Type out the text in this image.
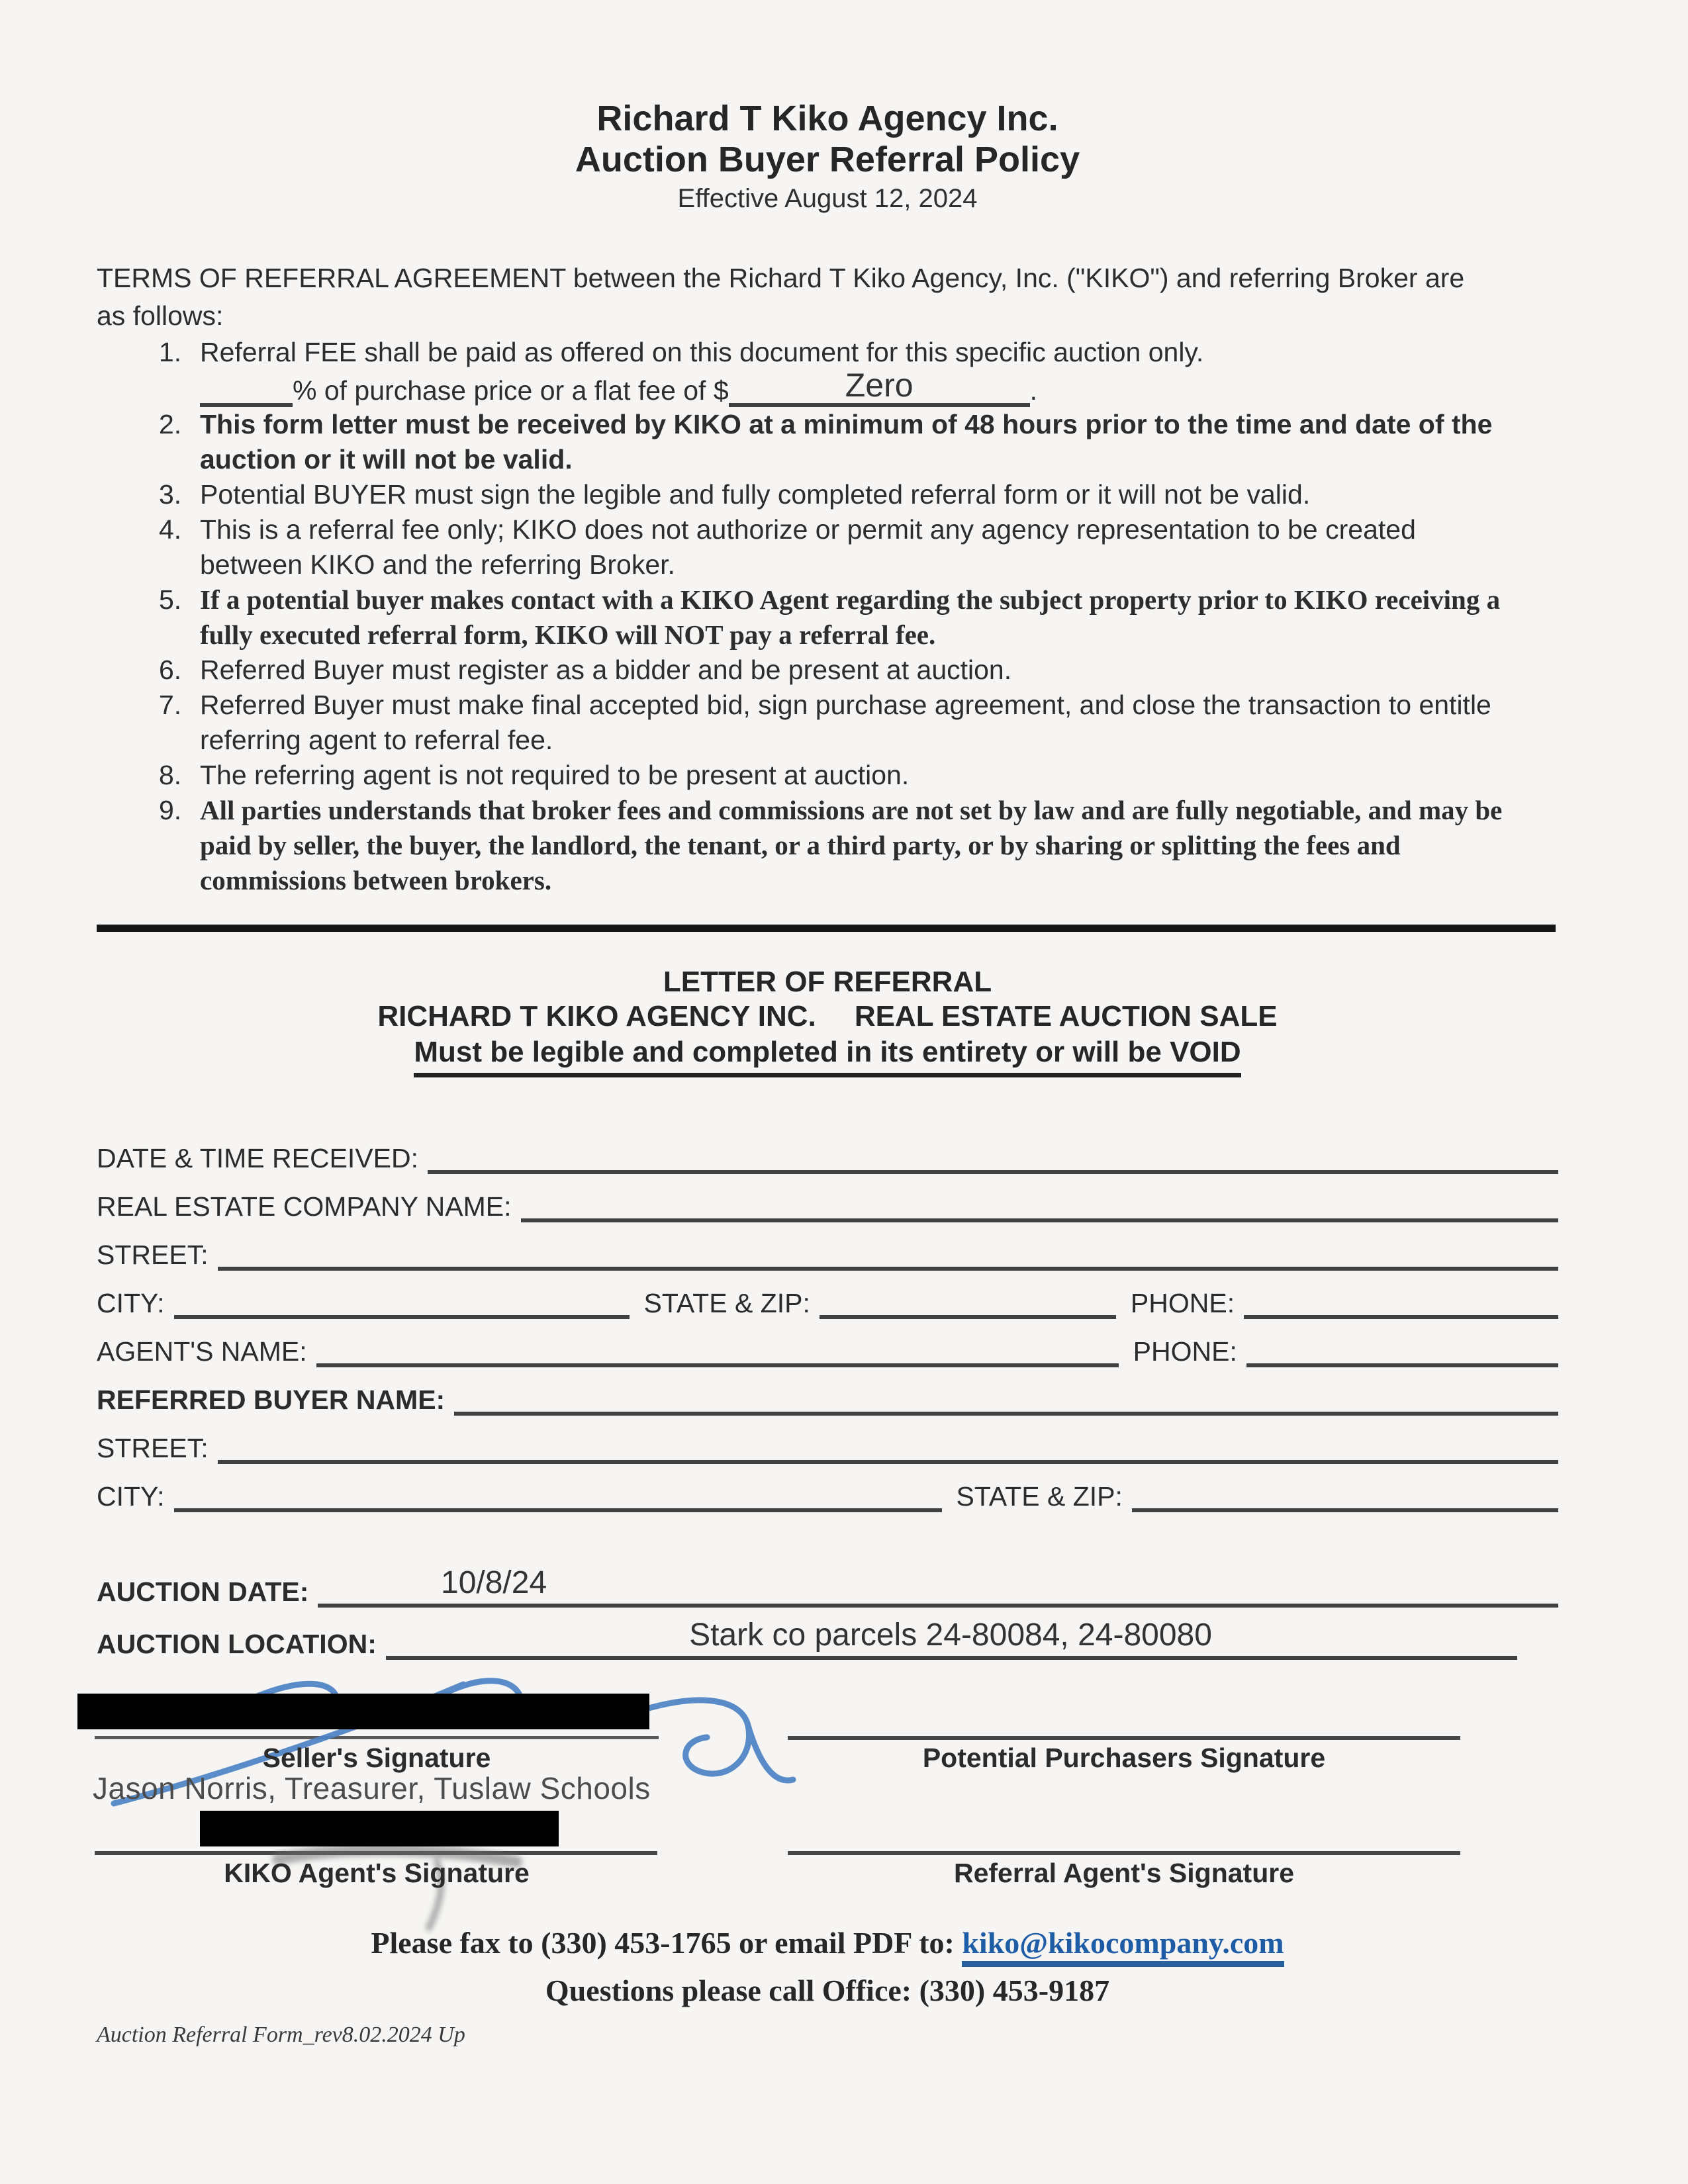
Richard T Kiko Agency Inc.
Auction Buyer Referral Policy
Effective August 12, 2024
TERMS OF REFERRAL AGREEMENT between the Richard T Kiko Agency, Inc. ("KIKO") and referring Broker are as follows:
1. Referral FEE shall be paid as offered on this document for this specific auction only.
% of purchase price or a flat fee of $	Zero	.
2. This form letter must be received by KIKO at a minimum of 48 hours prior to the time and date of the auction or it will not be valid.
3. Potential BUYER must sign the legible and fully completed referral form or it will not be valid.
4. This is a referral fee only; KIKO does not authorize or permit any agency representation to be created between KIKO and the referring Broker.
5. If a potential buyer makes contact with a KIKO Agent regarding the subject property prior to KIKO receiving a fully executed referral form, KIKO will NOT pay a referral fee.
6. Referred Buyer must register as a bidder and be present at auction.
7. Referred Buyer must make final accepted bid, sign purchase agreement, and close the transaction to entitle referring agent to referral fee.
8. The referring agent is not required to be present at auction.
9. All parties understands that broker fees and commissions are not set by law and are fully negotiable, and may be paid by seller, the buyer, the landlord, the tenant, or a third party, or by sharing or splitting the fees and commissions between brokers.
LETTER OF REFERRAL
RICHARD T KIKO AGENCY INC. REAL ESTATE AUCTION SALE
Must be legible and completed in its entirety or will be VOID
DATE & TIME RECEIVED:
REAL ESTATE COMPANY NAME:
STREET:
CITY:	STATE & ZIP:	PHONE:
AGENT'S NAME:	PHONE:
REFERRED BUYER NAME:
STREET:
CITY:	STATE & ZIP:
AUCTION DATE:	10/8/24
AUCTION LOCATION:	Stark co parcels 24-80084, 24-80080
Seller's Signature
Jason Norris, Treasurer, Tuslaw Schools
KIKO Agent's Signature
Potential Purchasers Signature
Referral Agent's Signature
Please fax to (330) 453-1765 or email PDF to: kiko@kikocompany.com
Questions please call Office: (330) 453-9187
Auction Referral Form_rev8.02.2024 Up
